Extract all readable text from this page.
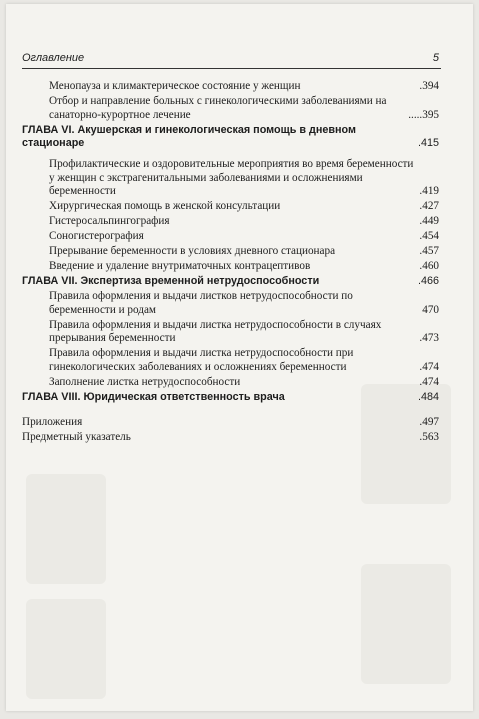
Оглавление	5
Менопауза и климактерическое состояние у женщин	.394
Отбор и направление больных с гинекологическими заболеваниями на санаторно-курортное лечение	.....395
ГЛАВА VI. Акушерская и гинекологическая помощь в дневном стационаре	.415
Профилактические и оздоровительные мероприятия во время беременности у женщин с экстрагенитальными заболеваниями и осложнениями беременности	.419
Хирургическая помощь в женской консультации	.427
Гистеросальпингография	.449
Соногистерография	.454
Прерывание беременности в условиях дневного стационара	.457
Введение и удаление внутриматочных контрацептивов	.460
ГЛАВА VII. Экспертиза временной нетрудоспособности	.466
Правила оформления и выдачи листков нетрудоспособности по беременности и родам	470
Правила оформления и выдачи листка нетрудоспособности в случаях прерывания беременности	.473
Правила оформления и выдачи листка нетрудоспособности при гинекологических заболеваниях и осложнениях беременности	.474
Заполнение листка нетрудоспособности	.474
ГЛАВА VIII. Юридическая ответственность врача	.484
Приложения	.497
Предметный указатель	.563
